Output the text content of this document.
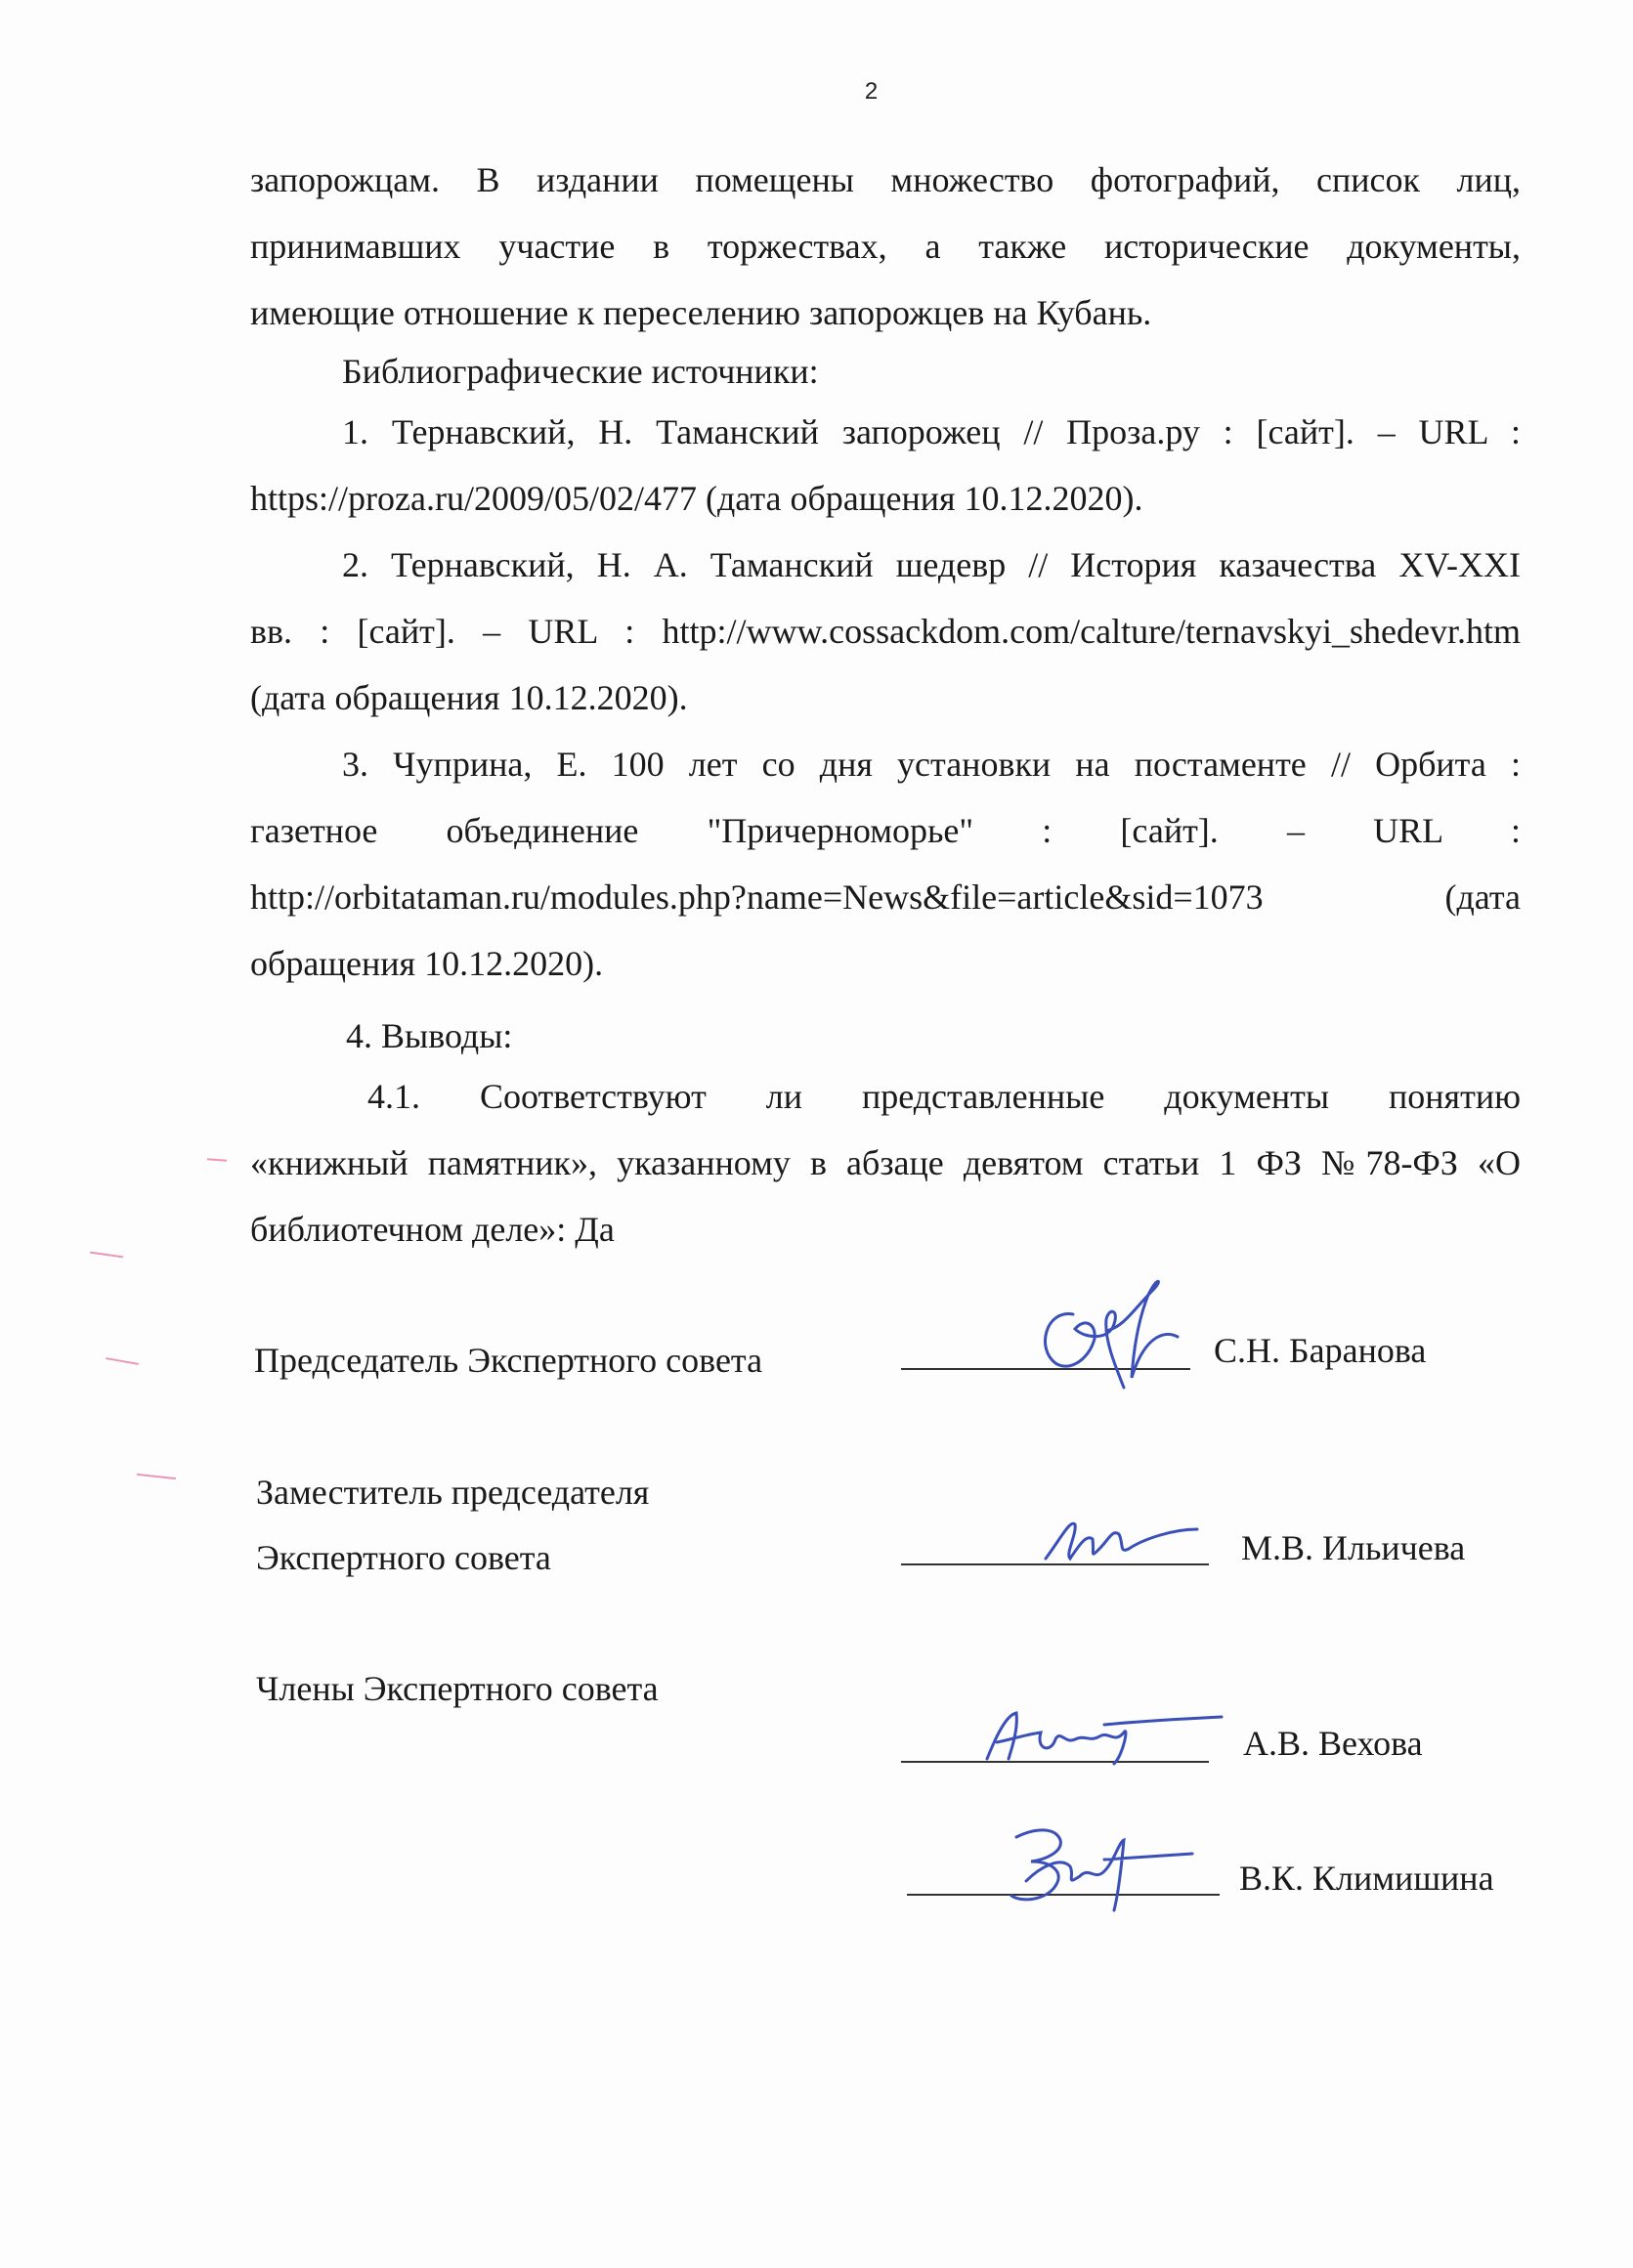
2
запорожцам. В издании помещены множество фотографий, список лиц,
принимавших участие в торжествах, а также исторические документы,
имеющие отношение к переселению запорожцев на Кубань.
Библиографические источники:
1. Тернавский, Н. Таманский запорожец // Проза.ру : [сайт]. – URL :
https://proza.ru/2009/05/02/477 (дата обращения 10.12.2020).
2. Тернавский, Н. А. Таманский шедевр // История казачества XV-XXI
вв. : [сайт]. – URL : http://www.cossackdom.com/calture/ternavskyi_shedevr.htm
(дата обращения 10.12.2020).
3. Чуприна, Е. 100 лет со дня установки на постаменте // Орбита :
газетное объединение "Причерноморье" : [сайт]. – URL :
http://orbitataman.ru/modules.php?name=News&file=article&sid=1073 (дата
обращения 10.12.2020).
4. Выводы:
4.1. Соответствуют ли представленные документы понятию
«книжный памятник», указанному в абзаце девятом статьи 1 ФЗ №78-ФЗ «О
библиотечном деле»: Да
Председатель Экспертного совета	С.Н. Баранова
Заместитель председателя
Экспертного совета	М.В. Ильичева
Члены Экспертного совета
А.В. Вехова
В.К. Климишина
